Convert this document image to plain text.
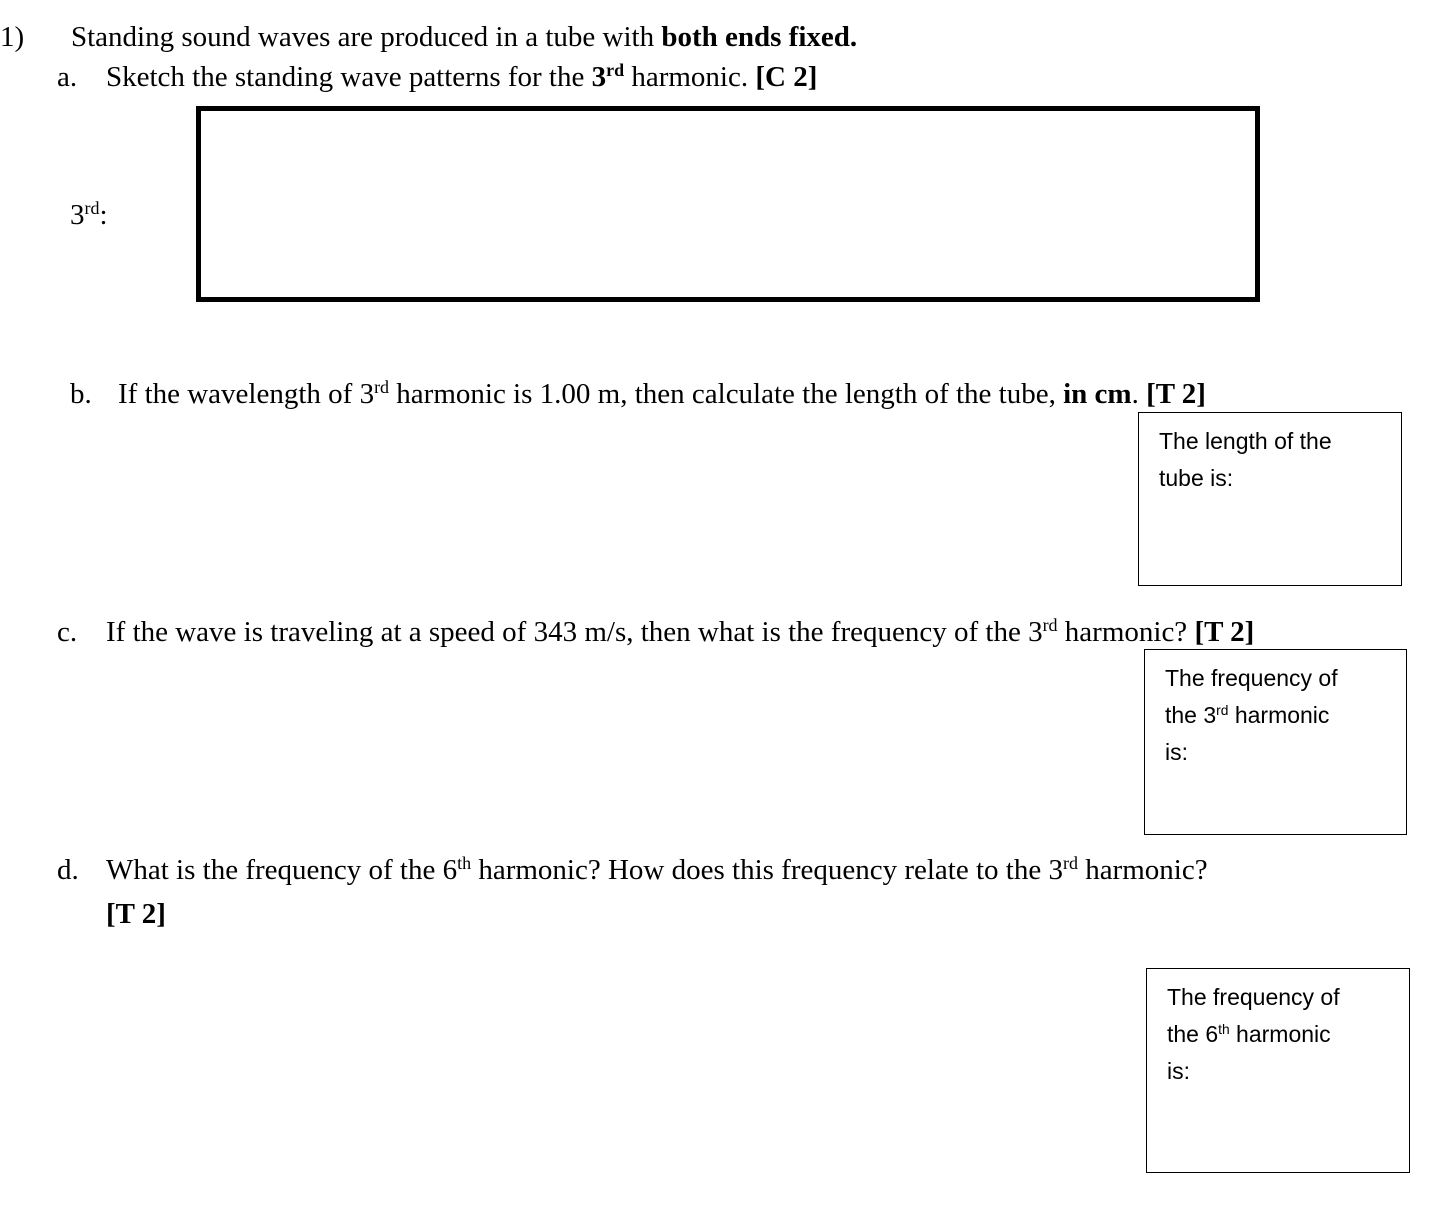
1) Standing sound waves are produced in a tube with both ends fixed.
a. Sketch the standing wave patterns for the 3rd harmonic. [C 2]
3rd:
b. If the wavelength of 3rd harmonic is 1.00 m, then calculate the length of the tube, in cm. [T 2]
The length of the
tube is:
c. If the wave is traveling at a speed of 343 m/s, then what is the frequency of the 3rd harmonic? [T 2]
The frequency of
the 3rd harmonic
is:
d. What is the frequency of the 6th harmonic? How does this frequency relate to the 3rd harmonic?
[T 2]
The frequency of
the 6th harmonic
is:
